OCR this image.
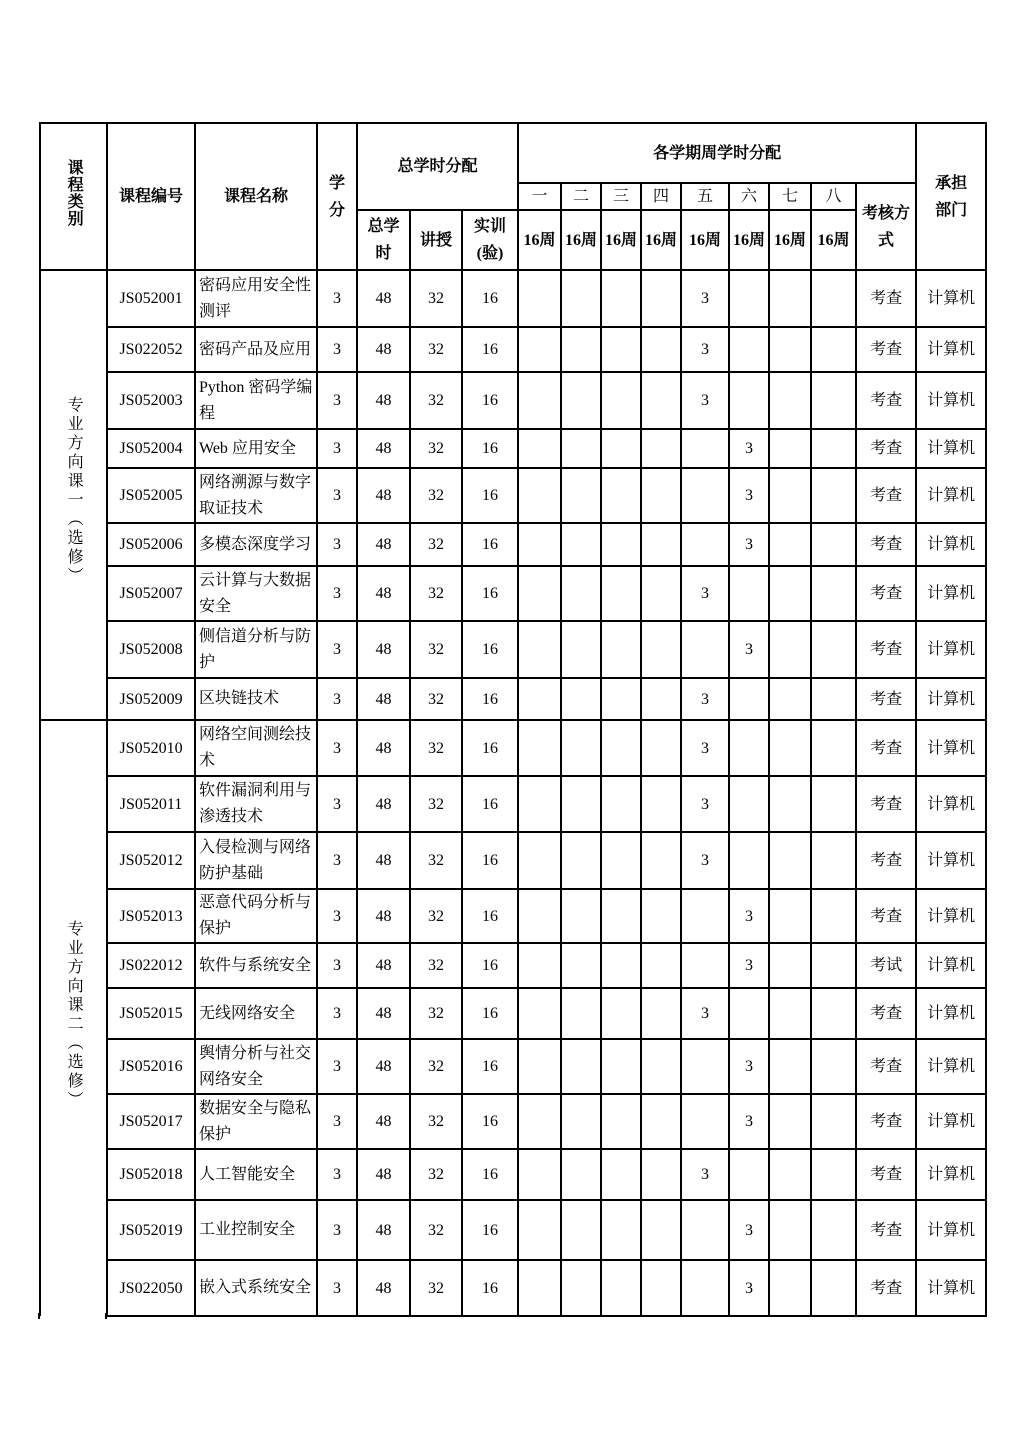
课程类别	课程编号	课程名称	学分	总学时分配			各学期周学时分配									承担部门
							一	二	三	四	五	六	七	八	考核方式	
				总学时	讲授	实训(验)	16周	16周	16周	16周	16周	16周	16周	16周		
专业方向课一（选修）	JS052001	密码应用安全性测评	3	48	32	16					3				考查	计算机
	JS022052	密码产品及应用	3	48	32	16					3				考查	计算机
	JS052003	Python 密码学编程	3	48	32	16					3				考查	计算机
	JS052004	Web 应用安全	3	48	32	16						3			考查	计算机
	JS052005	网络溯源与数字取证技术	3	48	32	16						3			考查	计算机
	JS052006	多模态深度学习	3	48	32	16						3			考查	计算机
	JS052007	云计算与大数据安全	3	48	32	16					3				考查	计算机
	JS052008	侧信道分析与防护	3	48	32	16						3			考查	计算机
	JS052009	区块链技术	3	48	32	16					3				考查	计算机
专业方向课二（选修）	JS052010	网络空间测绘技术	3	48	32	16					3				考查	计算机
	JS052011	软件漏洞利用与渗透技术	3	48	32	16					3				考查	计算机
	JS052012	入侵检测与网络防护基础	3	48	32	16					3				考查	计算机
	JS052013	恶意代码分析与保护	3	48	32	16						3			考查	计算机
	JS022012	软件与系统安全	3	48	32	16						3			考试	计算机
	JS052015	无线网络安全	3	48	32	16					3				考查	计算机
	JS052016	舆情分析与社交网络安全	3	48	32	16						3			考查	计算机
	JS052017	数据安全与隐私保护	3	48	32	16						3			考查	计算机
	JS052018	人工智能安全	3	48	32	16					3				考查	计算机
	JS052019	工业控制安全	3	48	32	16						3			考查	计算机
	JS022050	嵌入式系统安全	3	48	32	16						3			考查	计算机
